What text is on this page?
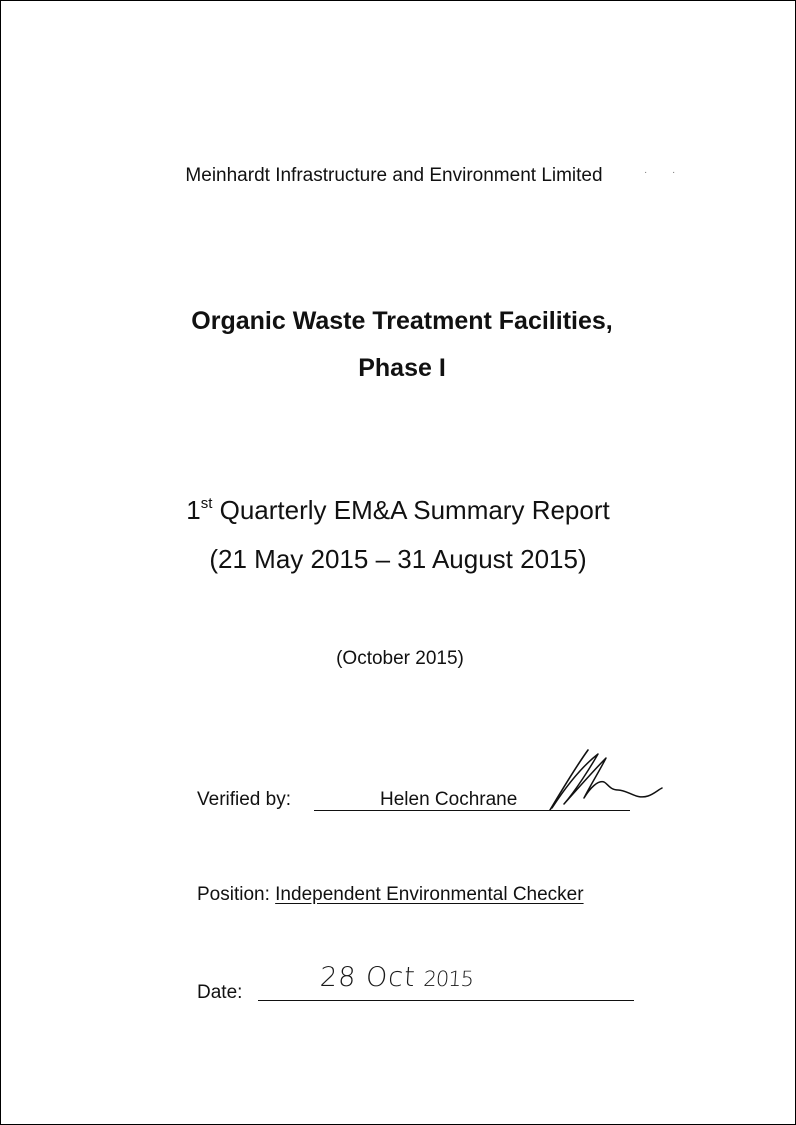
Meinhardt Infrastructure and Environment Limited	· ·
Organic Waste Treatment Facilities,
Phase I
1st Quarterly EM&A Summary Report
(21 May 2015 – 31 August 2015)
(October 2015)
Verified by:	Helen Cochrane
Position: Independent Environmental Checker
Date:	28 Oct 2015
